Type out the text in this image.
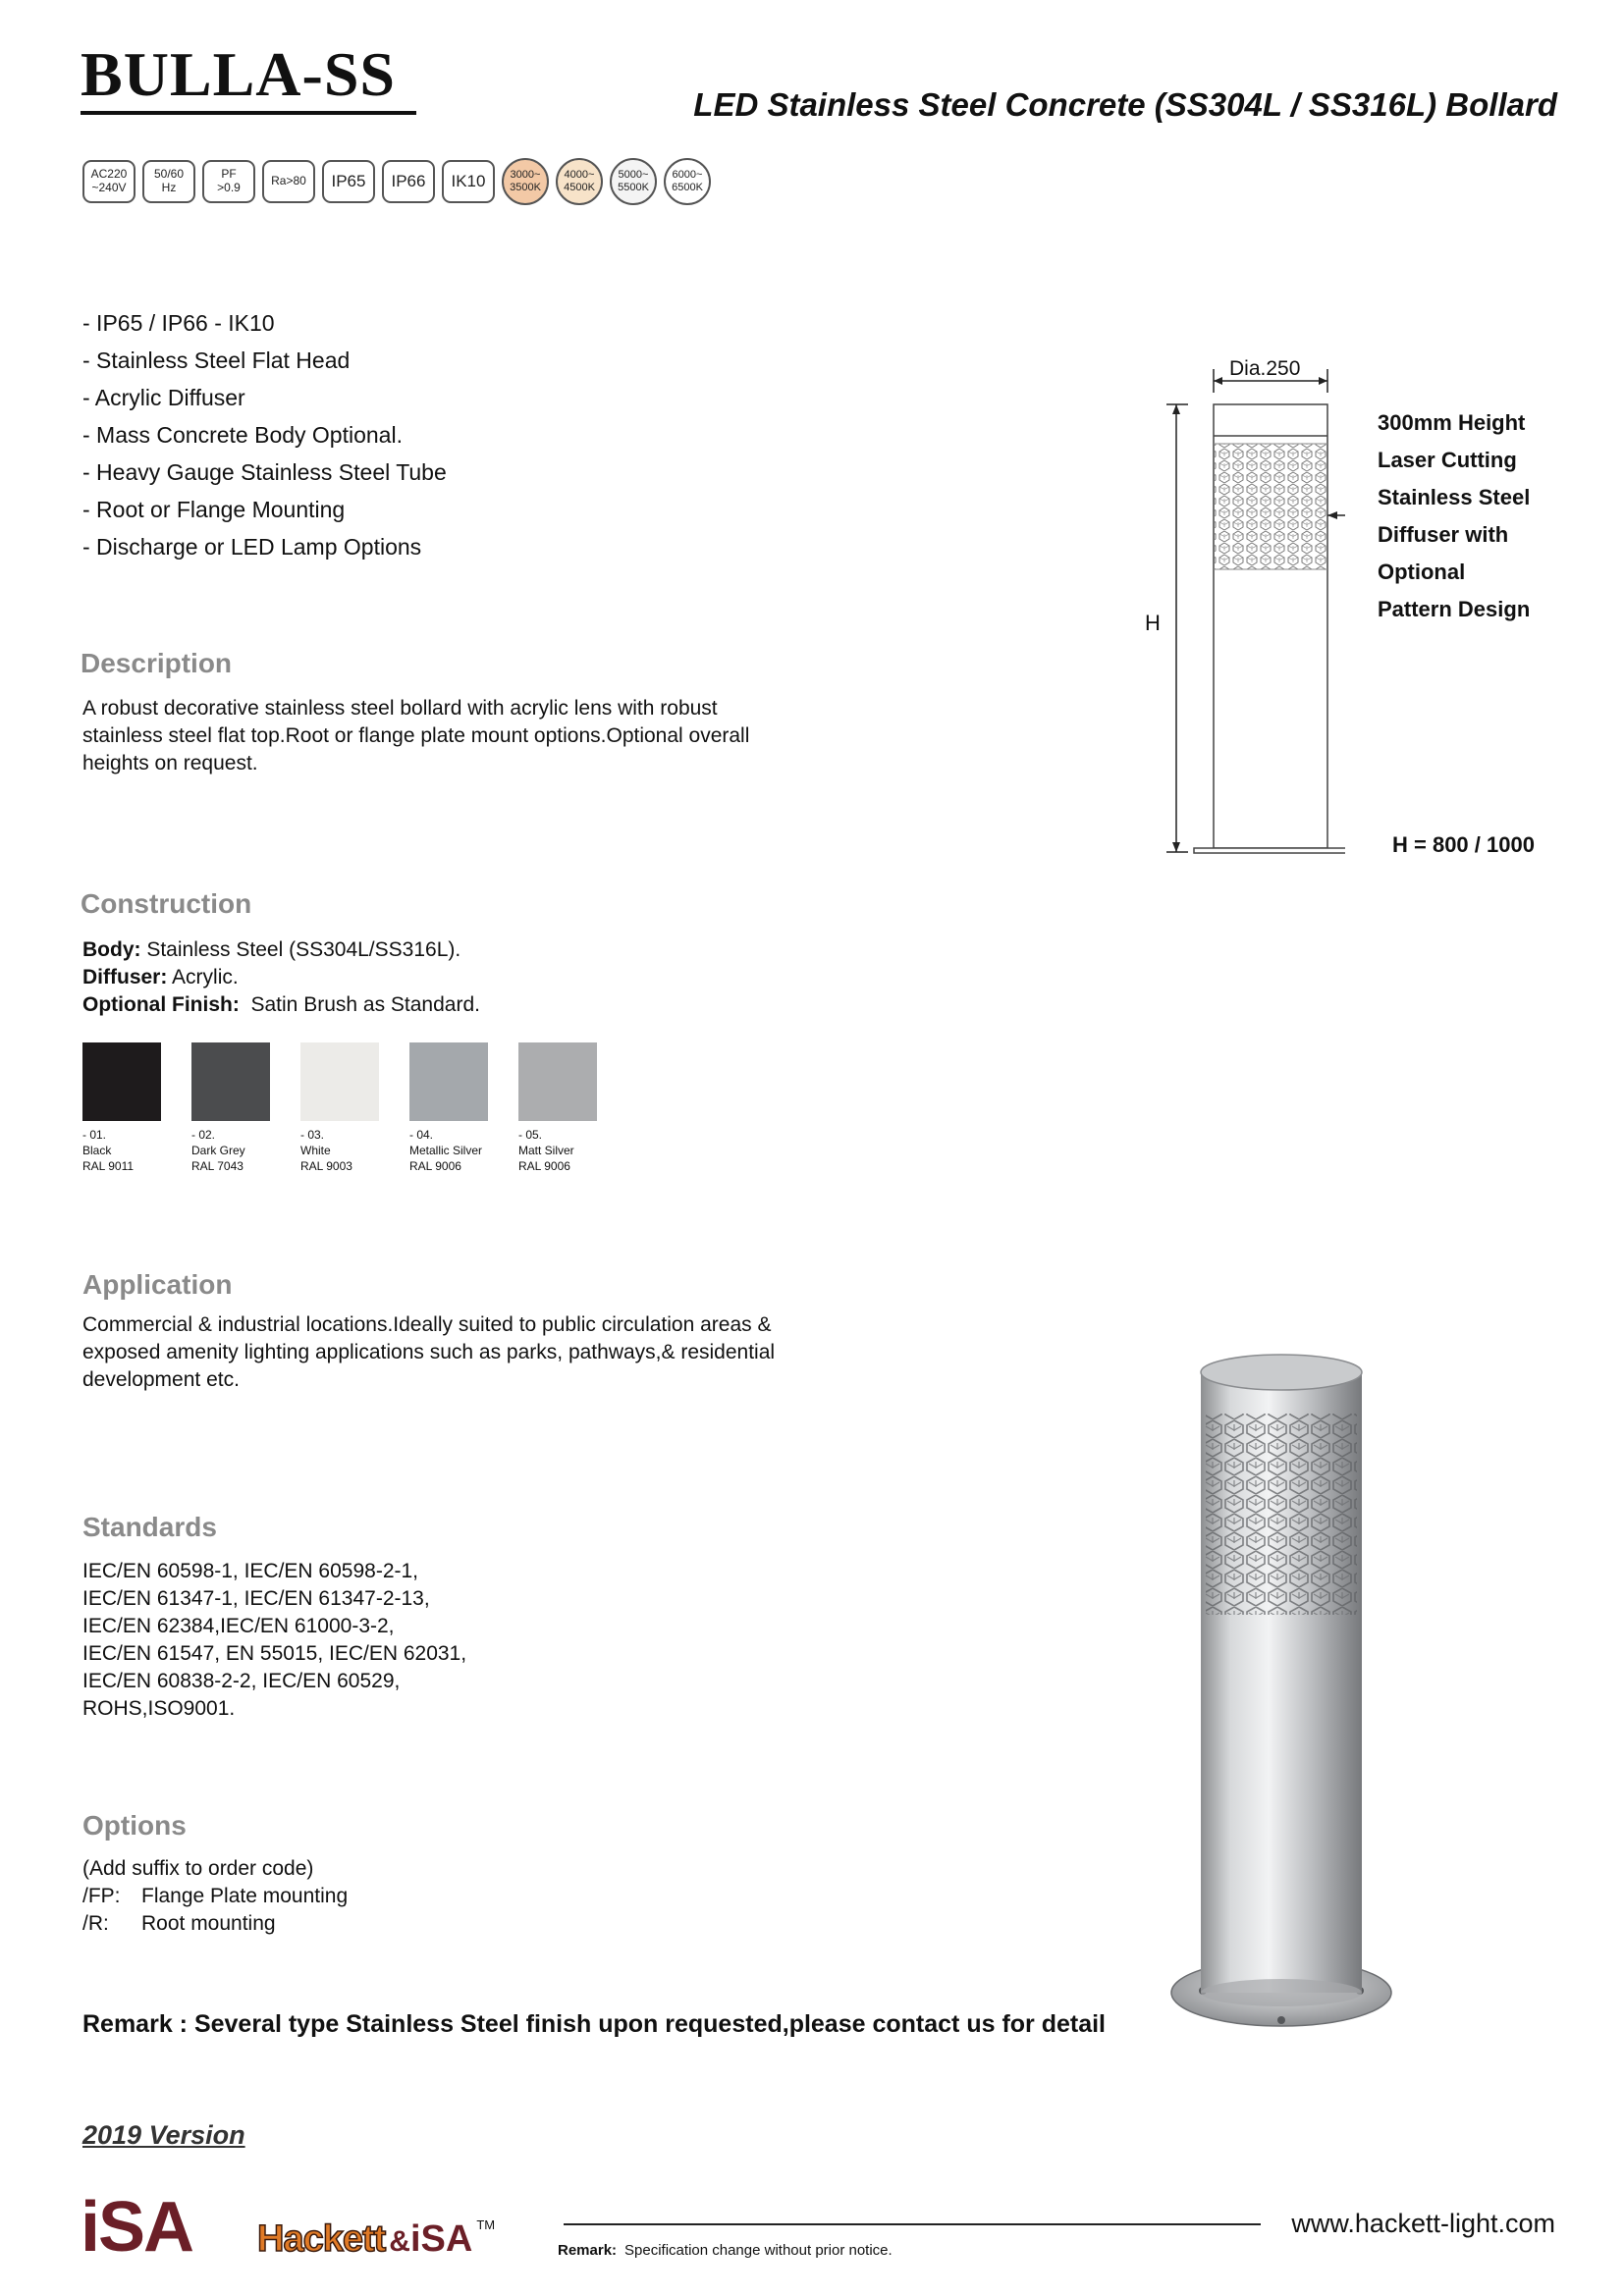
BULLA-SS	LED Stainless Steel Concrete (SS304L / SS316L) Bollard
AC220
~240V
50/60
Hz
PF
>0.9	Ra>80	IP65	IP66	IK10	3000~
3500K
4000~
4500K
5000~
5500K
6000~
6500K
- IP65 / IP66 - IK10
- Stainless Steel Flat Head
- Acrylic Diffuser
- Mass Concrete Body Optional.
- Heavy Gauge Stainless Steel Tube
- Root or Flange Mounting
- Discharge or LED Lamp Options
Dia.250
H
H = 800 / 1000
300mm Height
Laser Cutting
Stainless Steel
Diffuser with
Optional
Pattern Design
Description
A robust decorative stainless steel bollard with acrylic lens with robust
stainless steel flat top.Root or flange plate mount options.Optional overall
heights on request.
Construction
Body: Stainless Steel (SS304L/SS316L).
Diffuser: Acrylic.
Optional Finish: Satin Brush as Standard.
- 01.
Black
RAL 9011
- 02.
Dark Grey
RAL 7043
- 03.
White
RAL 9003
- 04.
Metallic Silver
RAL 9006
- 05.
Matt Silver
RAL 9006
Application
Commercial & industrial locations.Ideally suited to public circulation areas &
exposed amenity lighting applications such as parks, pathways,& residential
development etc.
Standards
IEC/EN 60598-1, IEC/EN 60598-2-1,
IEC/EN 61347-1, IEC/EN 61347-2-13,
IEC/EN 62384,IEC/EN 61000-3-2,
IEC/EN 61547, EN 55015, IEC/EN 62031,
IEC/EN 60838-2-2, IEC/EN 60529,
ROHS,ISO9001.
Options
(Add suffix to order code)
/FP: Flange Plate mounting
/R: Root mounting
Remark : Several type Stainless Steel finish upon requested,please contact us for detail
2019 Version
iSA Hackett & iSA TM	www.hackett-light.com
Remark: Specification change without prior notice.
